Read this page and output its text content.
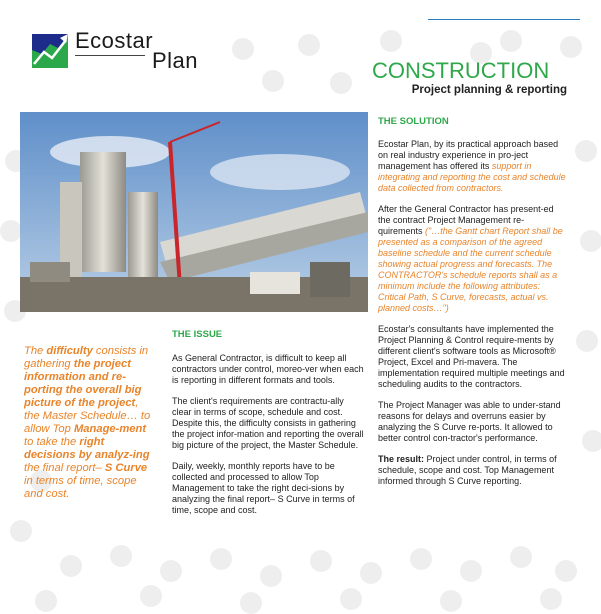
Ecostar
Plan	CONSTRUCTION
Project planning & reporting
The difficulty consists in gathering the project information and re-porting the overall big picture of the project, the Master Schedule… to allow Top Manage-ment to take the right decisions by analyz-ing the final report– S Curve in terms of time, scope and cost.

THE ISSUE

As General Contractor, is difficult to keep all contractors under control, moreo-ver when each is reporting in different formats and tools.

The client's requirements are contractu-ally clear in terms of scope, schedule and cost. Despite this, the difficulty consists in gathering the project infor-mation and reporting the overall big picture of the project, the Master Schedule.

Daily, weekly, monthly reports have to be collected and processed to allow Top Management to take the right deci-sions by analyzing the final report– S Curve in terms of time, scope and cost.

THE SOLUTION

Ecostar Plan, by its practical approach based on real industry experience in pro-ject management has offered its support in integrating and reporting the cost and schedule data collected from contractors.

After the General Contractor has present-ed the contract Project Management re-quirements ("…the Gantt chart Report shall be presented as a comparison of the agreed baseline schedule and the current schedule showing actual progress and forecasts. The CONTRACTOR's schedule reports shall as a minimum include the following attributes: Critical Path, S Curve, forecasts, actual vs. planned costs…")

Ecostar's consultants have implemented the Project Planning & Control require-ments by different client's software tools as Microsoft® Project, Excel and Pri-mavera. The implementation required multiple meetings and scheduling audits to the contractors.

The Project Manager was able to under-stand reasons for delays and overruns easier by analyzing the S Curve re-ports. It allowed to better control con-tractor's performance.

The result: Project under control, in terms of schedule, scope and cost. Top Management informed through S Curve reporting.
